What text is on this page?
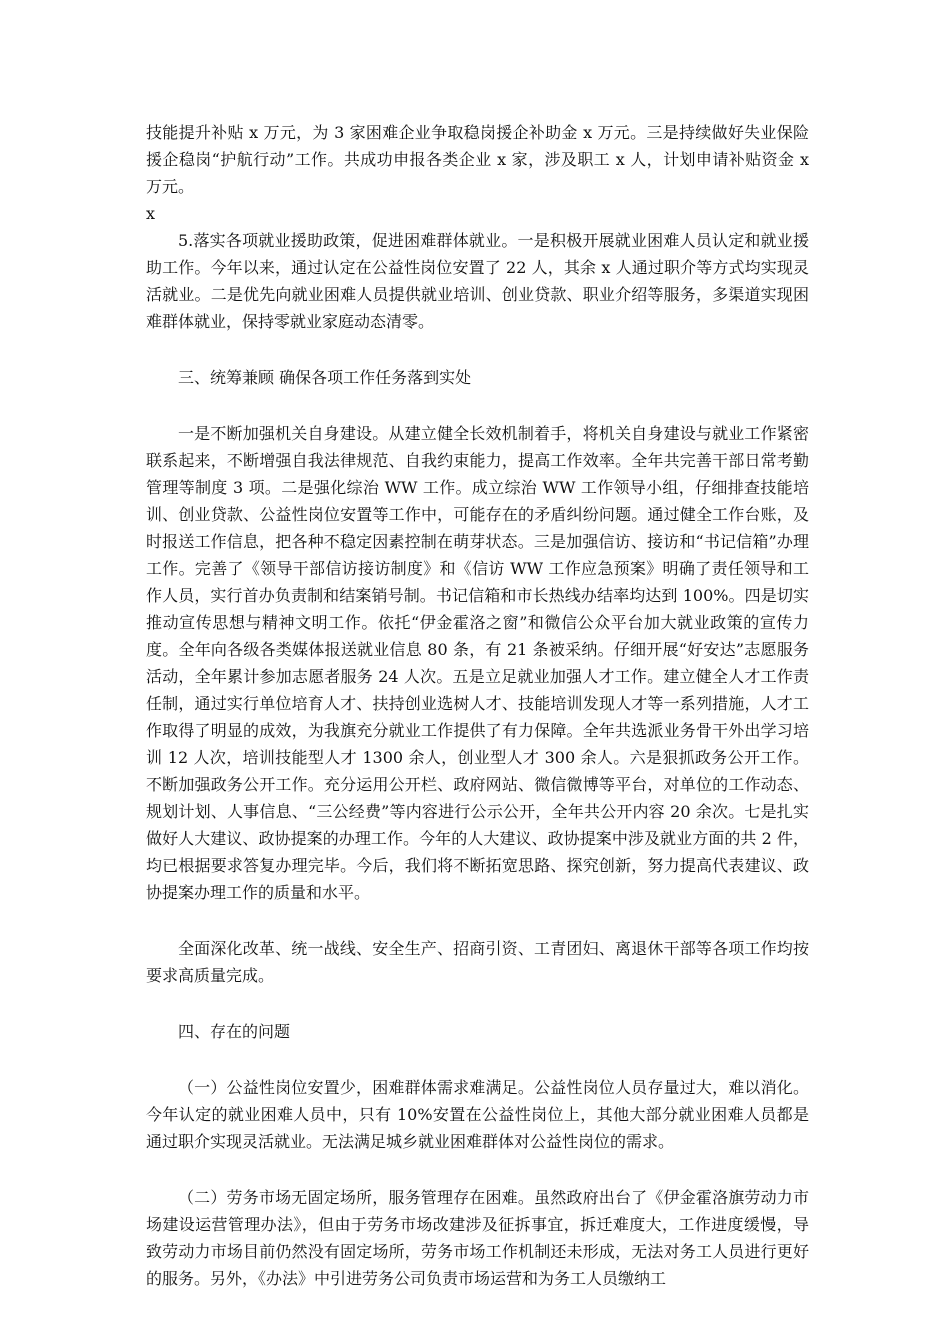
技能提升补贴 x 万元，为 3 家困难企业争取稳岗援企补助金 x 万元。三是持续做好失业保险援企稳岗“护航行动”工作。共成功申报各类企业 x 家，涉及职工 x 人，计划申请补贴资金 x 万元。

x

5.落实各项就业援助政策，促进困难群体就业。一是积极开展就业困难人员认定和就业援助工作。今年以来，通过认定在公益性岗位安置了 22 人，其余 x 人通过职介等方式均实现灵活就业。二是优先向就业困难人员提供就业培训、创业贷款、职业介绍等服务，多渠道实现困难群体就业，保持零就业家庭动态清零。

三、统筹兼顾 确保各项工作任务落到实处

一是不断加强机关自身建设。从建立健全长效机制着手，将机关自身建设与就业工作紧密联系起来，不断增强自我法律规范、自我约束能力，提高工作效率。全年共完善干部日常考勤管理等制度 3 项。二是强化综治 WW 工作。成立综治 WW 工作领导小组，仔细排查技能培训、创业贷款、公益性岗位安置等工作中，可能存在的矛盾纠纷问题。通过健全工作台账，及时报送工作信息，把各种不稳定因素控制在萌芽状态。三是加强信访、接访和“书记信箱”办理工作。完善了《领导干部信访接访制度》和《信访 WW 工作应急预案》明确了责任领导和工作人员，实行首办负责制和结案销号制。书记信箱和市长热线办结率均达到 100%。四是切实推动宣传思想与精神文明工作。依托“伊金霍洛之窗”和微信公众平台加大就业政策的宣传力度。全年向各级各类媒体报送就业信息 80 条，有 21 条被采纳。仔细开展“好安达”志愿服务活动，全年累计参加志愿者服务 24 人次。五是立足就业加强人才工作。建立健全人才工作责任制，通过实行单位培育人才、扶持创业选树人才、技能培训发现人才等一系列措施，人才工作取得了明显的成效，为我旗充分就业工作提供了有力保障。全年共选派业务骨干外出学习培训 12 人次，培训技能型人才 1300 余人，创业型人才 300 余人。六是狠抓政务公开工作。不断加强政务公开工作。充分运用公开栏、政府网站、微信微博等平台，对单位的工作动态、规划计划、人事信息、“三公经费”等内容进行公示公开，全年共公开内容 20 余次。七是扎实做好人大建议、政协提案的办理工作。今年的人大建议、政协提案中涉及就业方面的共 2 件，均已根据要求答复办理完毕。今后，我们将不断拓宽思路、探究创新，努力提高代表建议、政协提案办理工作的质量和水平。

全面深化改革、统一战线、安全生产、招商引资、工青团妇、离退休干部等各项工作均按要求高质量完成。

四、存在的问题

（一）公益性岗位安置少，困难群体需求难满足。公益性岗位人员存量过大，难以消化。今年认定的就业困难人员中，只有 10%安置在公益性岗位上，其他大部分就业困难人员都是通过职介实现灵活就业。无法满足城乡就业困难群体对公益性岗位的需求。

（二）劳务市场无固定场所，服务管理存在困难。虽然政府出台了《伊金霍洛旗劳动力市场建设运营管理办法》，但由于劳务市场改建涉及征拆事宜，拆迁难度大，工作进度缓慢，导致劳动力市场目前仍然没有固定场所，劳务市场工作机制还未形成，无法对务工人员进行更好的服务。另外，《办法》中引进劳务公司负责市场运营和为务工人员缴纳工
